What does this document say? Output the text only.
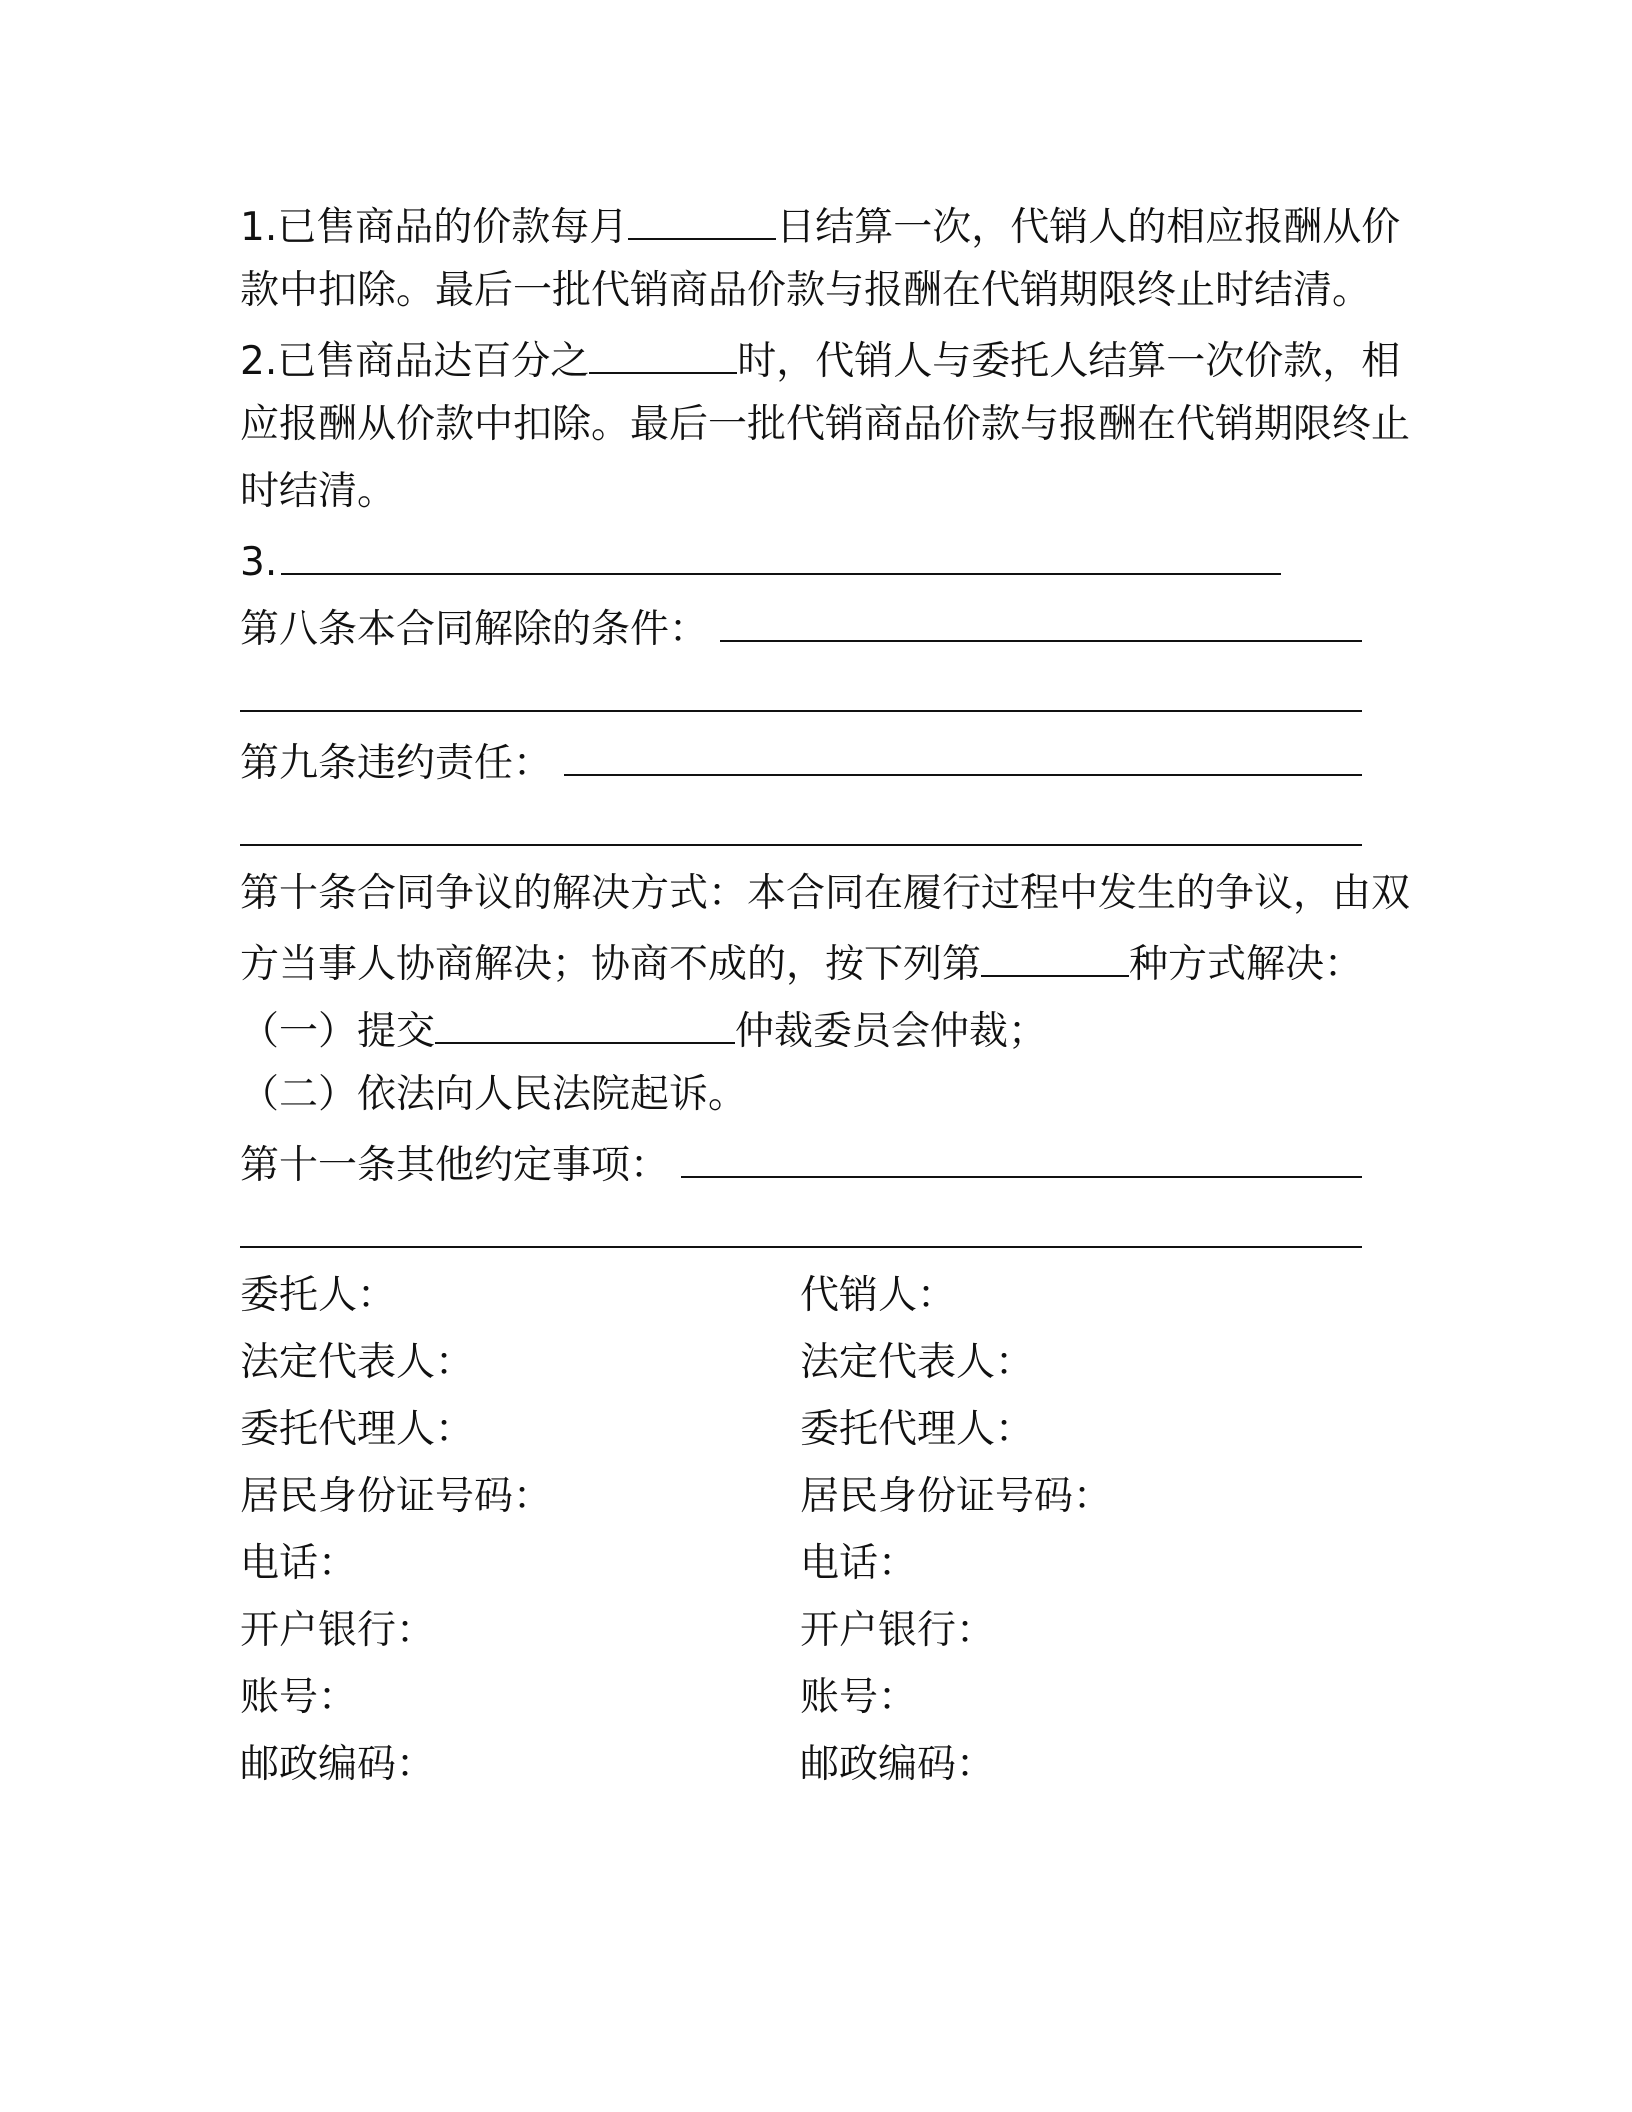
1.已售商品的价款每月	日结算一次，代销人的相应报酬从价
款中扣除。最后一批代销商品价款与报酬在代销期限终止时结清。
2.已售商品达百分之	时，代销人与委托人结算一次价款，相
应报酬从价款中扣除。最后一批代销商品价款与报酬在代销期限终止
时结清。
3.
第八条本合同解除的条件：
第九条违约责任：
第十条合同争议的解决方式：本合同在履行过程中发生的争议，由双
方当事人协商解决；协商不成的，按下列第	种方式解决：
（一）提交	仲裁委员会仲裁；
（二）依法向人民法院起诉。
第十一条其他约定事项：
委托人：	代销人：
法定代表人：	法定代表人：
委托代理人：	委托代理人：
居民身份证号码：	居民身份证号码：
电话：	电话：
开户银行：	开户银行：
账号：	账号：
邮政编码：	邮政编码：
